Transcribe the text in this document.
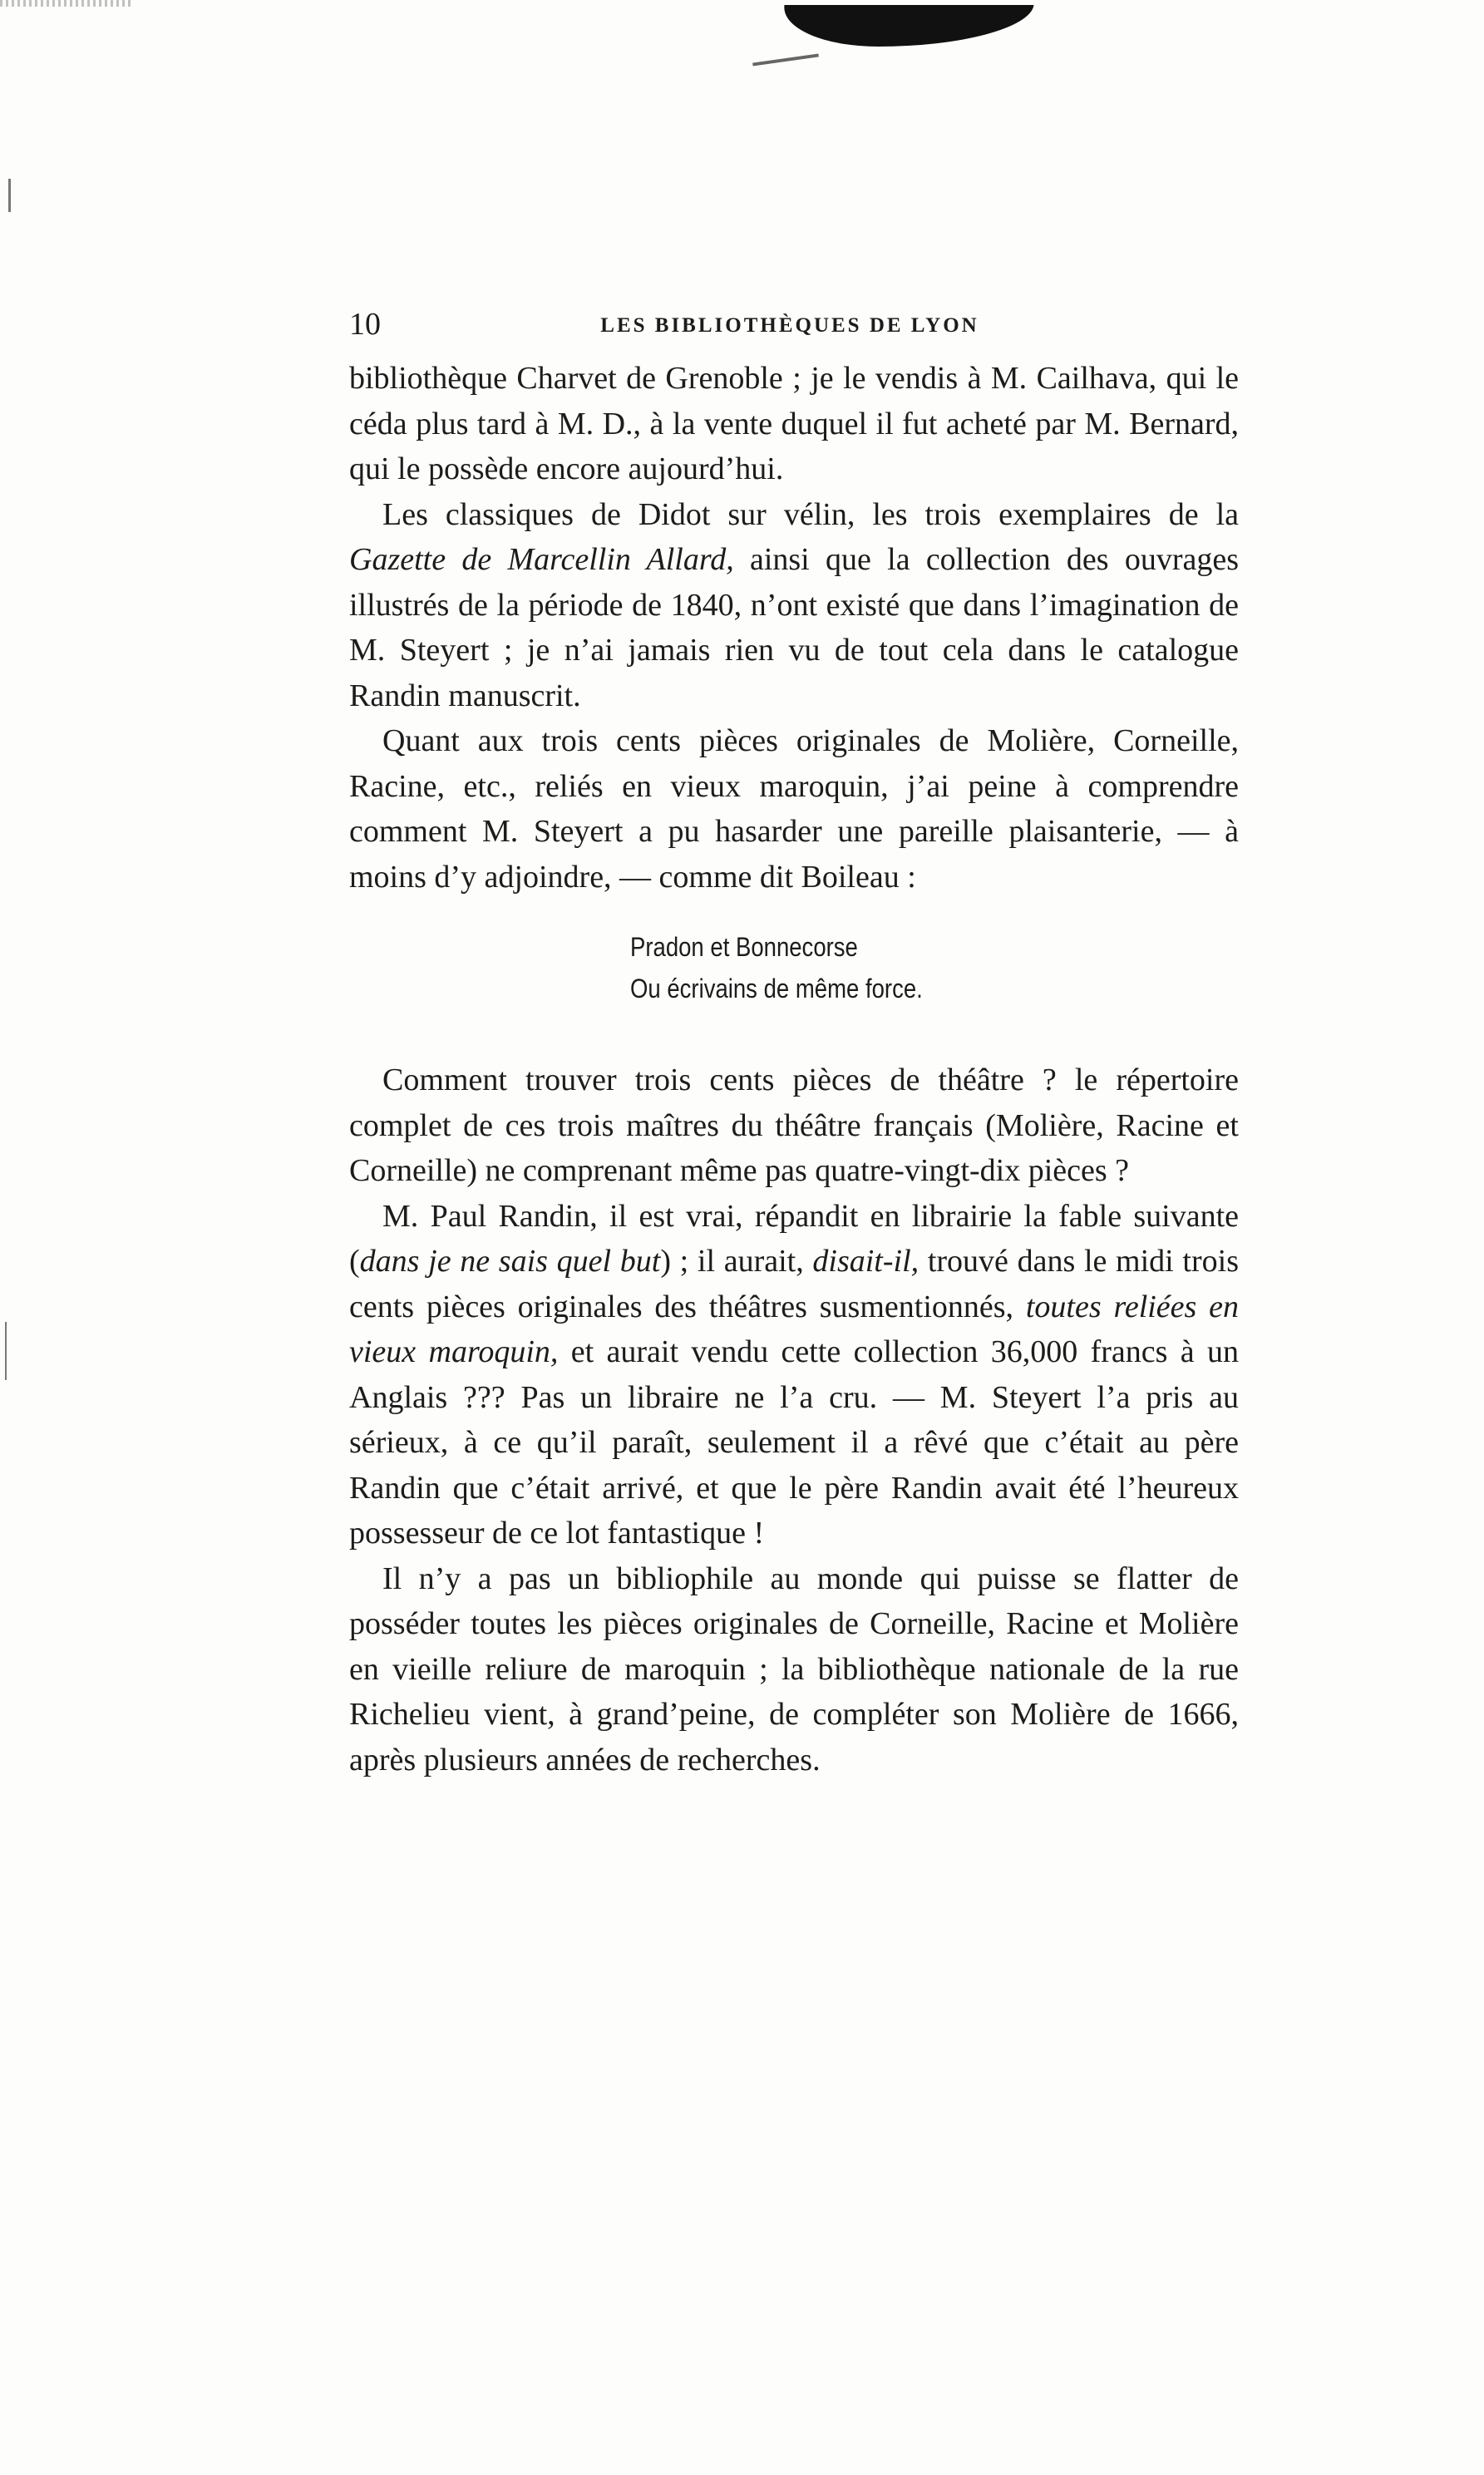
10	LES BIBLIOTHÈQUES DE LYON

bibliothèque Charvet de Grenoble ; je le vendis à M. Cailhava, qui le céda plus tard à M. D., à la vente duquel il fut acheté par M. Bernard, qui le possède encore aujourd’hui.

Les classiques de Didot sur vélin, les trois exemplaires de la Gazette de Marcellin Allard, ainsi que la collection des ouvrages illustrés de la période de 1840, n’ont existé que dans l’imagination de M. Steyert ; je n’ai jamais rien vu de tout cela dans le catalogue Randin manuscrit.

Quant aux trois cents pièces originales de Molière, Corneille, Racine, etc., reliés en vieux maroquin, j’ai peine à comprendre comment M. Steyert a pu hasarder une pareille plaisanterie, — à moins d’y adjoindre, — comme dit Boileau :

Pradon et Bonnecorse
Ou écrivains de même force.

Comment trouver trois cents pièces de théâtre ? le répertoire complet de ces trois maîtres du théâtre français (Molière, Racine et Corneille) ne comprenant même pas quatre-vingt-dix pièces ?

M. Paul Randin, il est vrai, répandit en librairie la fable suivante (dans je ne sais quel but) ; il aurait, disait-il, trouvé dans le midi trois cents pièces originales des théâtres susmentionnés, toutes reliées en vieux maroquin, et aurait vendu cette collection 36,000 francs à un Anglais ??? Pas un libraire ne l’a cru. — M. Steyert l’a pris au sérieux, à ce qu’il paraît, seulement il a rêvé que c’était au père Randin que c’était arrivé, et que le père Randin avait été l’heureux possesseur de ce lot fantastique !

Il n’y a pas un bibliophile au monde qui puisse se flatter de posséder toutes les pièces originales de Corneille, Racine et Molière en vieille reliure de maroquin ; la bibliothèque nationale de la rue Richelieu vient, à grand’peine, de compléter son Molière de 1666, après plusieurs années de recherches.
